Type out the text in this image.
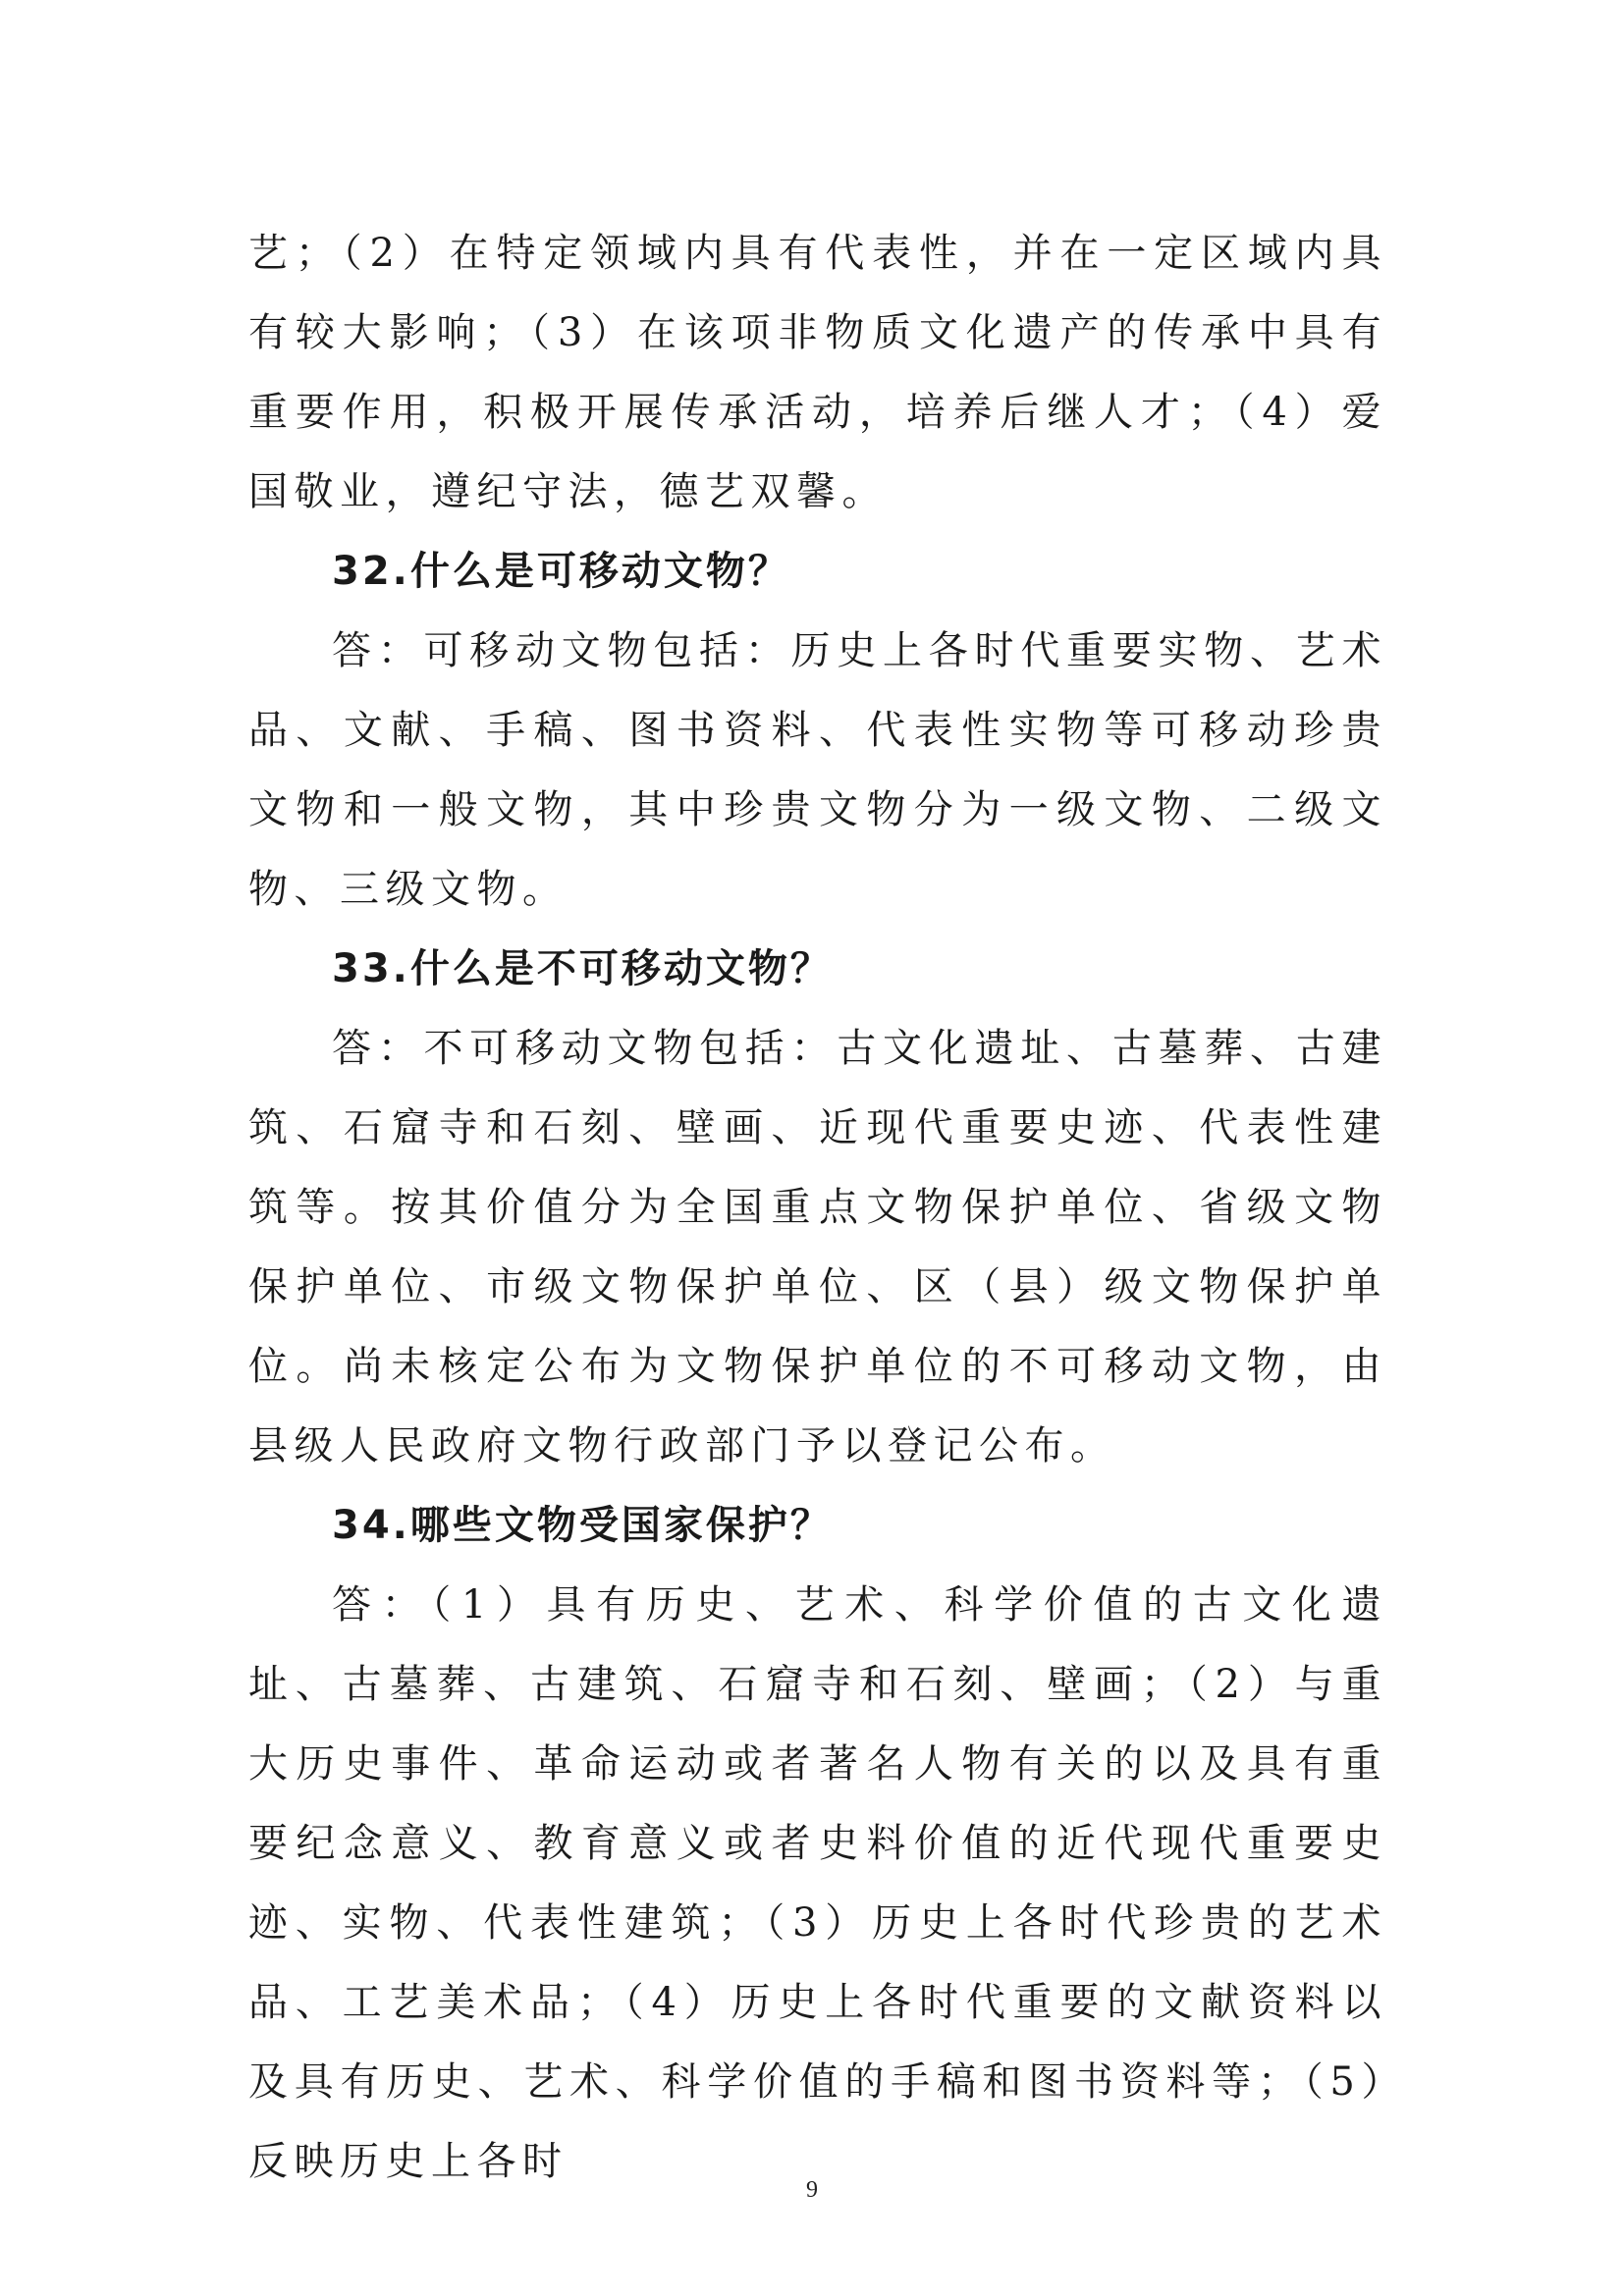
艺；（2）在特定领域内具有代表性，并在一定区域内具有较大影响；（3）在该项非物质文化遗产的传承中具有重要作用，积极开展传承活动，培养后继人才；（4）爱国敬业，遵纪守法，德艺双馨。

32.什么是可移动文物？

答：可移动文物包括：历史上各时代重要实物、艺术品、文献、手稿、图书资料、代表性实物等可移动珍贵文物和一般文物，其中珍贵文物分为一级文物、二级文物、三级文物。

33.什么是不可移动文物？

答：不可移动文物包括：古文化遗址、古墓葬、古建筑、石窟寺和石刻、壁画、近现代重要史迹、代表性建筑等。按其价值分为全国重点文物保护单位、省级文物保护单位、市级文物保护单位、区（县）级文物保护单位。尚未核定公布为文物保护单位的不可移动文物，由县级人民政府文物行政部门予以登记公布。

34.哪些文物受国家保护？

答：（1）具有历史、艺术、科学价值的古文化遗址、古墓葬、古建筑、石窟寺和石刻、壁画；（2）与重大历史事件、革命运动或者著名人物有关的以及具有重要纪念意义、教育意义或者史料价值的近代现代重要史迹、实物、代表性建筑；（3）历史上各时代珍贵的艺术品、工艺美术品；（4）历史上各时代重要的文献资料以及具有历史、艺术、科学价值的手稿和图书资料等；（5）反映历史上各时

9
